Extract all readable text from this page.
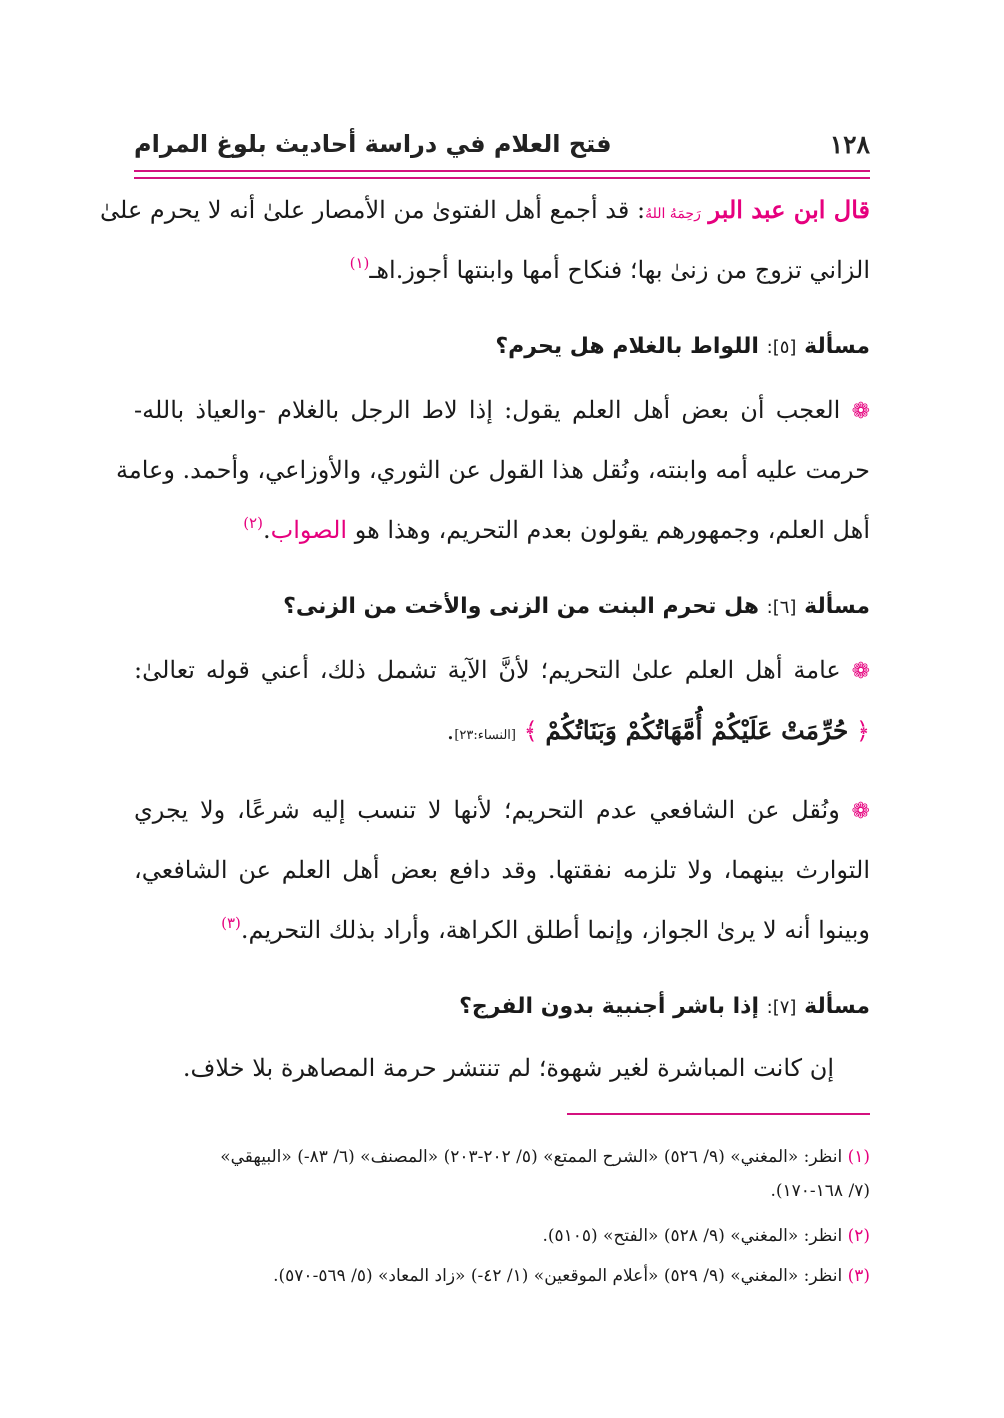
١٢٨
فتح العلام في دراسة أحاديث بلوغ المرام
قال ابن عبد البر رَحِمَهُ اللهُ: قد أجمع أهل الفتوىٰ من الأمصار علىٰ أنه لا يحرم علىٰ
الزاني تزوج من زنىٰ بها؛ فنكاح أمها وابنتها أجوز.اهـ$^{(١)}$
مسألة [٥]: اللواط بالغلام هل يحرم؟
❁ العجب أن بعض أهل العلم يقول: إذا لاط الرجل بالغلام -والعياذ بالله-
حرمت عليه أمه وابنته، ونُقل هذا القول عن الثوري، والأوزاعي، وأحمد. وعامة
أهل العلم، وجمهورهم يقولون بعدم التحريم، وهذا هو الصواب.$^{(٢)}$
مسألة [٦]: هل تحرم البنت من الزنى والأخت من الزنى؟
❁ عامة أهل العلم علىٰ التحريم؛ لأنَّ الآية تشمل ذلك، أعني قوله تعالىٰ:
﴿ حُرِّمَتْ عَلَيْكُمْ أُمَّهَاتُكُمْ وَبَنَاتُكُمْ ﴾ [النساء:٢٣].
❁ ونُقل عن الشافعي عدم التحريم؛ لأنها لا تنسب إليه شرعًا، ولا يجري
التوارث بينهما، ولا تلزمه نفقتها. وقد دافع بعض أهل العلم عن الشافعي،
وبينوا أنه لا يرىٰ الجواز، وإنما أطلق الكراهة، وأراد بذلك التحريم.$^{(٣)}$
مسألة [٧]: إذا باشر أجنبية بدون الفرج؟
إن كانت المباشرة لغير شهوة؛ لم تنتشر حرمة المصاهرة بلا خلاف.
(١) انظر: «المغني» (٩/ ٥٢٦) «الشرح الممتع» (٥/ ٢٠٢-٢٠٣) «المصنف» (٦/ ٨٣-) «البيهقي»
(٧/ ١٦٨-١٧٠).
(٢) انظر: «المغني» (٩/ ٥٢٨) «الفتح» (٥١٠٥).
(٣) انظر: «المغني» (٩/ ٥٢٩) «أعلام الموقعين» (١/ ٤٢-) «زاد المعاد» (٥/ ٥٦٩-٥٧٠).
